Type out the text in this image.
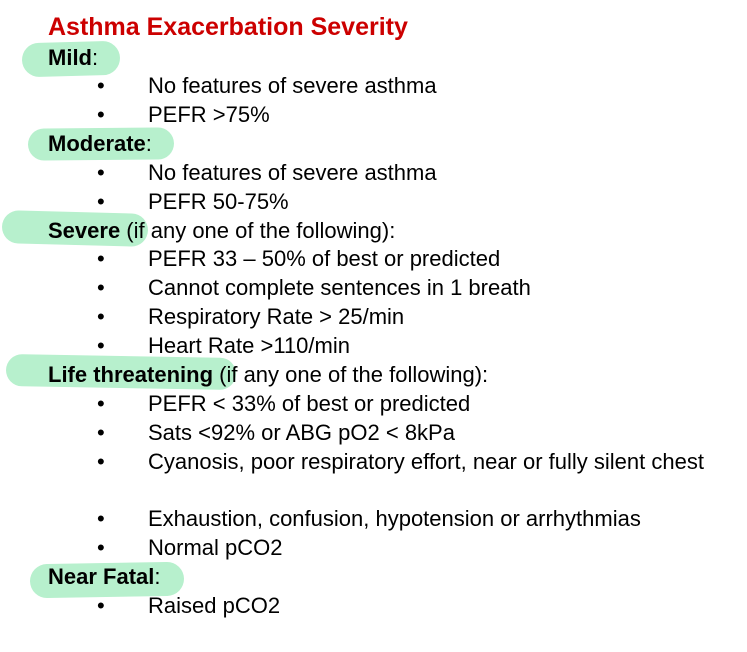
Asthma Exacerbation Severity
Mild:
• No features of severe asthma
• PEFR >75%
Moderate:
• No features of severe asthma
• PEFR 50-75%
Severe (if any one of the following):
• PEFR 33 – 50% of best or predicted
• Cannot complete sentences in 1 breath
• Respiratory Rate > 25/min
• Heart Rate >110/min
Life threatening (if any one of the following):
• PEFR < 33% of best or predicted
• Sats <92% or ABG pO2 < 8kPa
• Cyanosis, poor respiratory effort, near or fully silent chest
• Exhaustion, confusion, hypotension or arrhythmias
• Normal pCO2
Near Fatal:
• Raised pCO2
